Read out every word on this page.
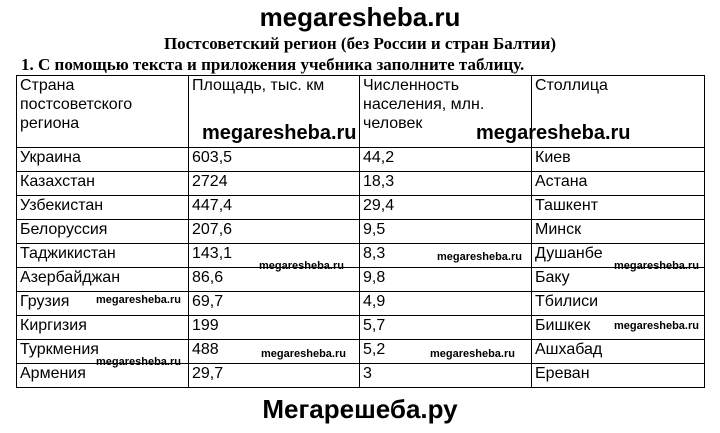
megaresheba.ru
Постсоветский регион (без России и стран Балтии)
1. С помощью текста и приложения учебника заполните таблицу.
Страна постсоветского региона	Площадь, тыс. км	Численность населения, млн. человек	Столлица
Украина	603,5	44,2	Киев
Казахстан	2724	18,3	Астана
Узбекистан	447,4	29,4	Ташкент
Белоруссия	207,6	9,5	Минск
Таджикистан	143,1	8,3	Душанбе
Азербайджан	86,6	9,8	Баку
Грузия	69,7	4,9	Тбилиси
Киргизия	199	5,7	Бишкек
Туркмения	488	5,2	Ашхабад
Армения	29,7	3	Ереван
megaresheba.ru	megaresheba.ru
megaresheba.ru
megaresheba.ru	megaresheba.ru
megaresheba.ru
megaresheba.ru
megaresheba.ru	megaresheba.ru
megaresheba.ru
Мегарешеба.ру
